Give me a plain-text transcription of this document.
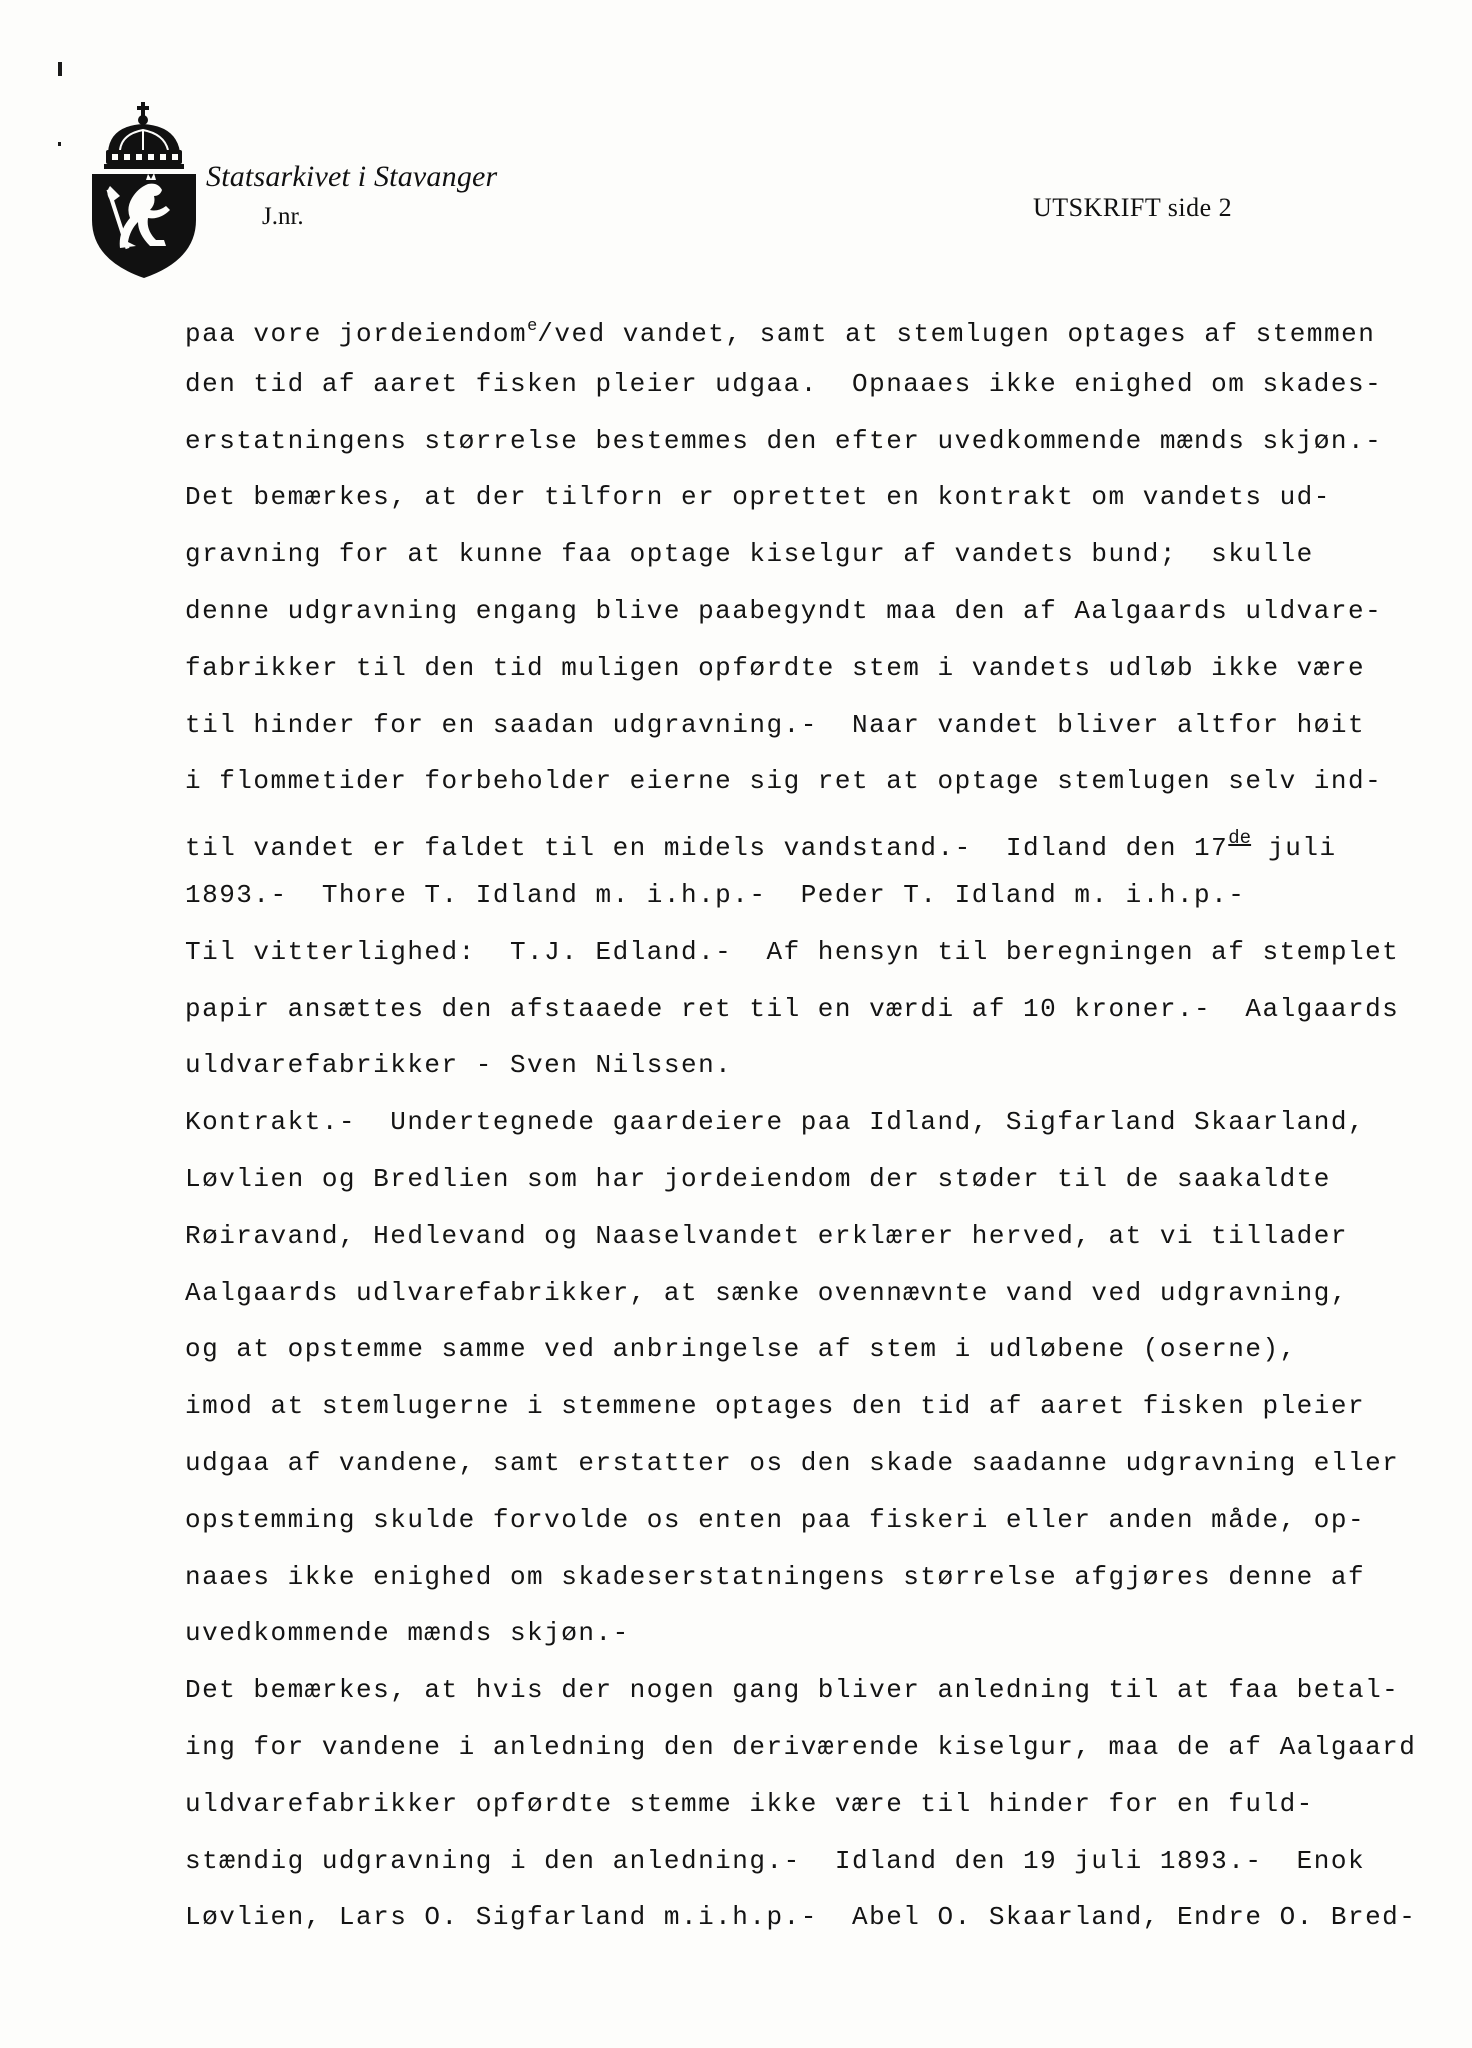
Statsarkivet i Stavanger
J.nr.	UTSKRIFT side 2
paa vore jordeiendom$^e$/ved vandet, samt at stemlugen optages af stemmen
den tid af aaret fisken pleier udgaa.  Opnaaes ikke enighed om skades-
erstatningens størrelse bestemmes den efter uvedkommende mænds skjøn.-
Det bemærkes, at der tilforn er oprettet en kontrakt om vandets ud-
gravning for at kunne faa optage kiselgur af vandets bund;  skulle
denne udgravning engang blive paabegyndt maa den af Aalgaards uldvare-
fabrikker til den tid muligen opførdte stem i vandets udløb ikke være
til hinder for en saadan udgravning.-  Naar vandet bliver altfor høit
i flommetider forbeholder eierne sig ret at optage stemlugen selv ind-
til vandet er faldet til en midels vandstand.-  Idland den 17de juli
1893.-  Thore T. Idland m. i.h.p.-  Peder T. Idland m. i.h.p.-
Til vitterlighed:  T.J. Edland.-  Af hensyn til beregningen af stemplet
papir ansættes den afstaaede ret til en værdi af 10 kroner.-  Aalgaards
uldvarefabrikker - Sven Nilssen.
Kontrakt.-  Undertegnede gaardeiere paa Idland, Sigfarland Skaarland,
Løvlien og Bredlien som har jordeiendom der støder til de saakaldte
Røiravand, Hedlevand og Naaselvandet erklærer herved, at vi tillader
Aalgaards udlvarefabrikker, at sænke ovennævnte vand ved udgravning,
og at opstemme samme ved anbringelse af stem i udløbene (oserne),
imod at stemlugerne i stemmene optages den tid af aaret fisken pleier
udgaa af vandene, samt erstatter os den skade saadanne udgravning eller
opstemming skulde forvolde os enten paa fiskeri eller anden måde, op-
naaes ikke enighed om skadeserstatningens størrelse afgjøres denne af
uvedkommende mænds skjøn.-
Det bemærkes, at hvis der nogen gang bliver anledning til at faa betal-
ing for vandene i anledning den deriværende kiselgur, maa de af Aalgaard
uldvarefabrikker opførdte stemme ikke være til hinder for en fuld-
stændig udgravning i den anledning.-  Idland den 19 juli 1893.-  Enok
Løvlien, Lars O. Sigfarland m.i.h.p.-  Abel O. Skaarland, Endre O. Bred-
